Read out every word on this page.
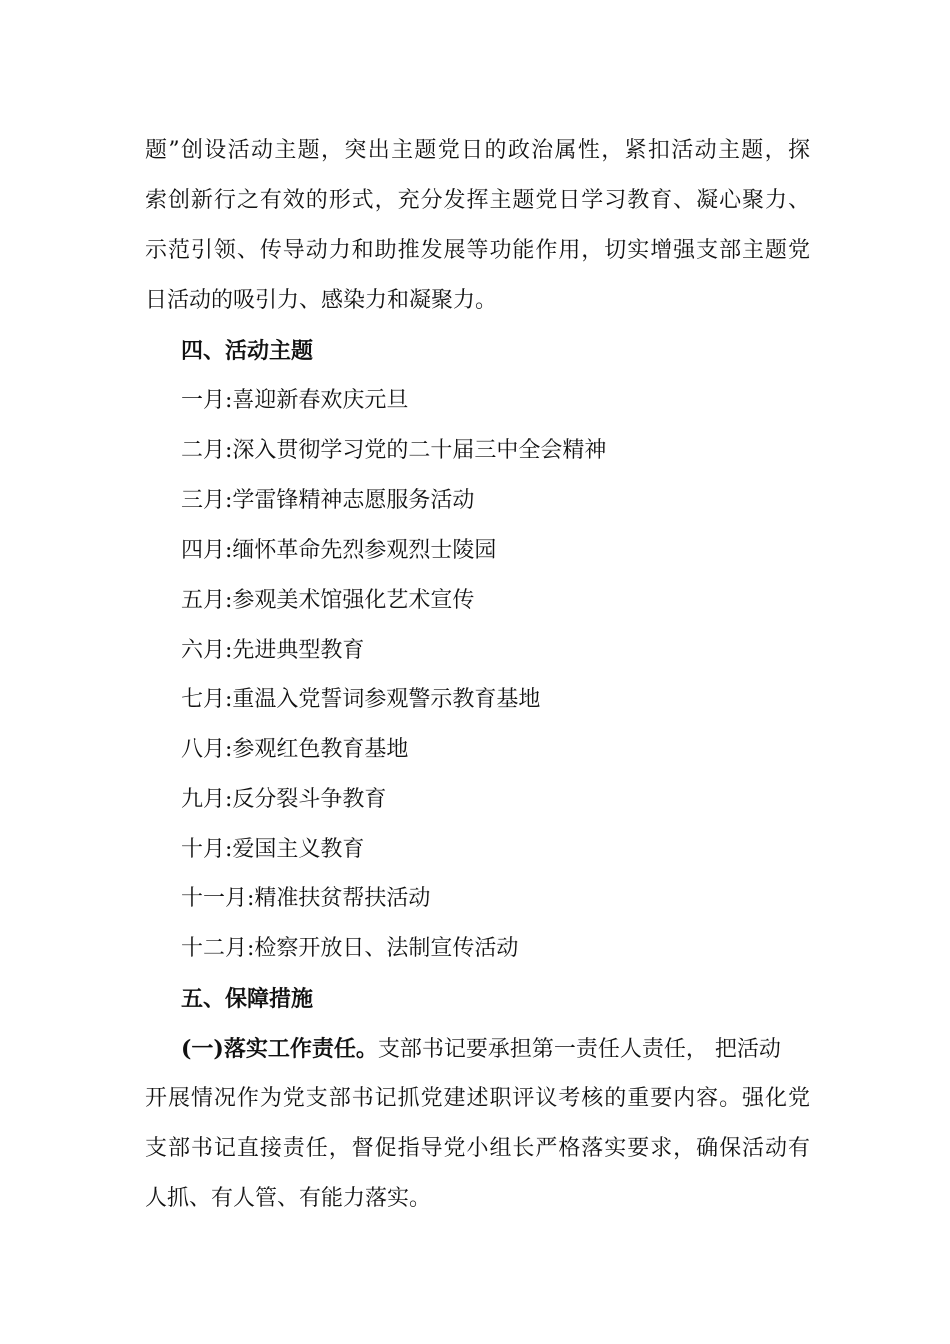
题”创设活动主题，突出主题党日的政治属性，紧扣活动主题，探
索创新行之有效的形式，充分发挥主题党日学习教育、凝心聚力、
示范引领、传导动力和助推发展等功能作用，切实增强支部主题党
日活动的吸引力、感染力和凝聚力。
四、活动主题
一月:喜迎新春欢庆元旦
二月:深入贯彻学习党的二十届三中全会精神
三月:学雷锋精神志愿服务活动
四月:缅怀革命先烈参观烈士陵园
五月:参观美术馆强化艺术宣传
六月:先进典型教育
七月:重温入党誓词参观警示教育基地
八月:参观红色教育基地
九月:反分裂斗争教育
十月:爱国主义教育
十一月:精准扶贫帮扶活动
十二月:检察开放日、法制宣传活动
五、保障措施
(一)落实工作责任。支部书记要承担第一责任人责任， 把活动
开展情况作为党支部书记抓党建述职评议考核的重要内容。强化党
支部书记直接责任，督促指导党小组长严格落实要求，确保活动有
人抓、有人管、有能力落实。
